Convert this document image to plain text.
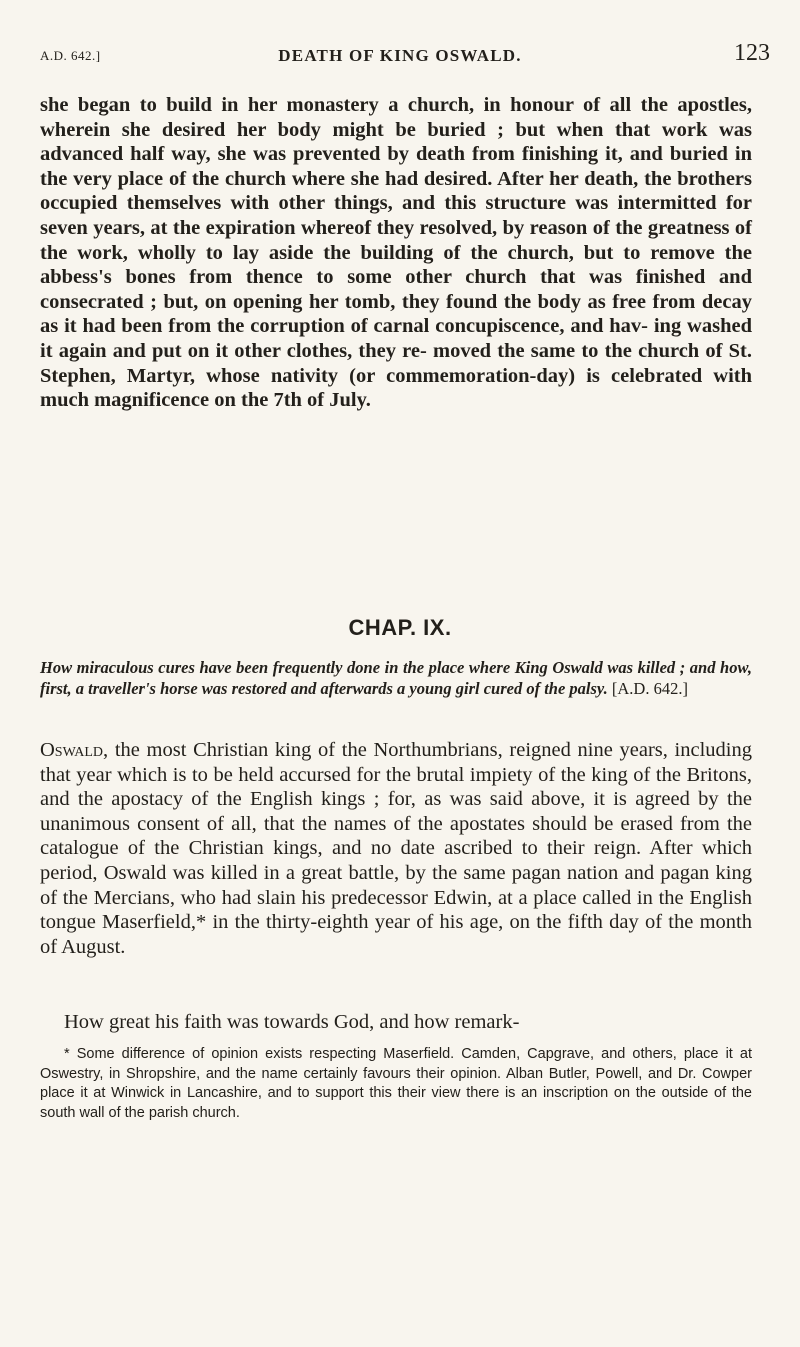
A.D. 642.]	DEATH OF KING OSWALD.	123

she began to build in her monastery a church, in honour of all the apostles, wherein she desired her body might be buried ; but when that work was advanced half way, she was prevented by death from finishing it, and buried in the very place of the church where she had desired. After her death, the brothers occupied themselves with other things, and this structure was intermitted for seven years, at the expiration whereof they resolved, by reason of the greatness of the work, wholly to lay aside the building of the church, but to remove the abbess's bones from thence to some other church that was finished and consecrated ; but, on opening her tomb, they found the body as free from decay as it had been from the corruption of carnal concupiscence, and hav- ing washed it again and put on it other clothes, they re- moved the same to the church of St. Stephen, Martyr, whose nativity (or commemoration-day) is celebrated with much magnificence on the 7th of July.

CHAP. IX.

How miraculous cures have been frequently done in the place where King Oswald was killed ; and how, first, a traveller's horse was restored and afterwards a young girl cured of the palsy. [A.D. 642.]

Oswald, the most Christian king of the Northumbrians, reigned nine years, including that year which is to be held accursed for the brutal impiety of the king of the Britons, and the apostacy of the English kings ; for, as was said above, it is agreed by the unanimous consent of all, that the names of the apostates should be erased from the catalogue of the Christian kings, and no date ascribed to their reign. After which period, Oswald was killed in a great battle, by the same pagan nation and pagan king of the Mercians, who had slain his predecessor Edwin, at a place called in the English tongue Maserfield,* in the thirty-eighth year of his age, on the fifth day of the month of August.

How great his faith was towards God, and how remark-

* Some difference of opinion exists respecting Maserfield. Camden, Capgrave, and others, place it at Oswestry, in Shropshire, and the name certainly favours their opinion. Alban Butler, Powell, and Dr. Cowper place it at Winwick in Lancashire, and to support this their view there is an inscription on the outside of the south wall of the parish church.
